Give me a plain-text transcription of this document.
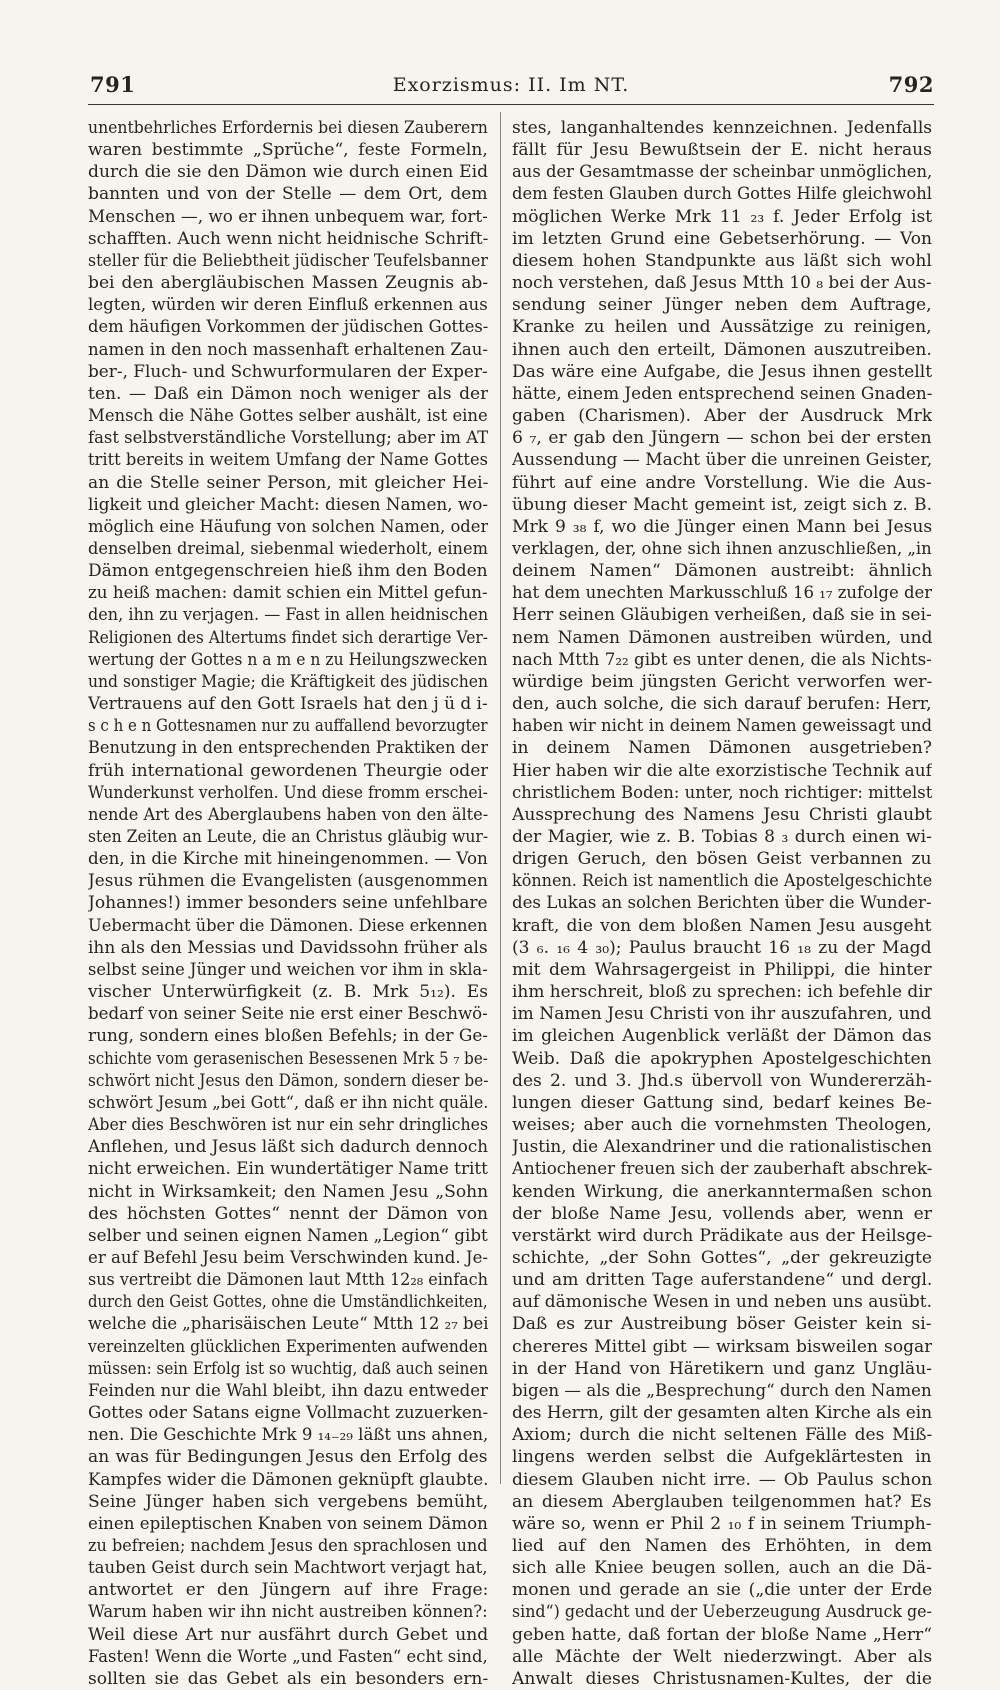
791	Exorzismus: II. Im NT.	792
unentbehrliches Erfordernis bei diesen Zauberern
waren bestimmte „Sprüche“, feste Formeln,
durch die sie den Dämon wie durch einen Eid
bannten und von der Stelle — dem Ort, dem
Menschen —, wo er ihnen unbequem war, fort-
schafften. Auch wenn nicht heidnische Schrift-
steller für die Beliebtheit jüdischer Teufelsbanner
bei den abergläubischen Massen Zeugnis ab-
legten, würden wir deren Einfluß erkennen aus
dem häufigen Vorkommen der jüdischen Gottes-
namen in den noch massenhaft erhaltenen Zau-
ber-, Fluch- und Schwurformularen der Exper-
ten. — Daß ein Dämon noch weniger als der
Mensch die Nähe Gottes selber aushält, ist eine
fast selbstverständliche Vorstellung; aber im AT
tritt bereits in weitem Umfang der Name Gottes
an die Stelle seiner Person, mit gleicher Hei-
ligkeit und gleicher Macht: diesen Namen, wo-
möglich eine Häufung von solchen Namen, oder
denselben dreimal, siebenmal wiederholt, einem
Dämon entgegenschreien hieß ihm den Boden
zu heiß machen: damit schien ein Mittel gefun-
den, ihn zu verjagen. — Fast in allen heidnischen
Religionen des Altertums findet sich derartige Ver-
wertung der Gottes n a m e n zu Heilungszwecken
und sonstiger Magie; die Kräftigkeit des jüdischen
Vertrauens auf den Gott Israels hat den j ü d i-
s c h e n Gottesnamen nur zu auffallend bevorzugter
Benutzung in den entsprechenden Praktiken der
früh international gewordenen Theurgie oder
Wunderkunst verholfen. Und diese fromm erschei-
nende Art des Aberglaubens haben von den älte-
sten Zeiten an Leute, die an Christus gläubig wur-
den, in die Kirche mit hineingenommen. — Von
Jesus rühmen die Evangelisten (ausgenommen
Johannes!) immer besonders seine unfehlbare
Uebermacht über die Dämonen. Diese erkennen
ihn als den Messias und Davidssohn früher als
selbst seine Jünger und weichen vor ihm in skla-
vischer Unterwürfigkeit (z. B. Mrk 5₁₂). Es
bedarf von seiner Seite nie erst einer Beschwö-
rung, sondern eines bloßen Befehls; in der Ge-
schichte vom gerasenischen Besessenen Mrk 5 ₇ be-
schwört nicht Jesus den Dämon, sondern dieser be-
schwört Jesum „bei Gott“, daß er ihn nicht quäle.
Aber dies Beschwören ist nur ein sehr dringliches
Anflehen, und Jesus läßt sich dadurch dennoch
nicht erweichen. Ein wundertätiger Name tritt
nicht in Wirksamkeit; den Namen Jesu „Sohn
des höchsten Gottes“ nennt der Dämon von
selber und seinen eignen Namen „Legion“ gibt
er auf Befehl Jesu beim Verschwinden kund. Je-
sus vertreibt die Dämonen laut Mtth 12₂₈ einfach
durch den Geist Gottes, ohne die Umständlichkeiten,
welche die „pharisäischen Leute“ Mtth 12 ₂₇ bei
vereinzelten glücklichen Experimenten aufwenden
müssen: sein Erfolg ist so wuchtig, daß auch seinen
Feinden nur die Wahl bleibt, ihn dazu entweder
Gottes oder Satans eigne Vollmacht zuzuerken-
nen. Die Geschichte Mrk 9 ₁₄₋₂₉ läßt uns ahnen,
an was für Bedingungen Jesus den Erfolg des
Kampfes wider die Dämonen geknüpft glaubte.
Seine Jünger haben sich vergebens bemüht,
einen epileptischen Knaben von seinem Dämon
zu befreien; nachdem Jesus den sprachlosen und
tauben Geist durch sein Machtwort verjagt hat,
antwortet er den Jüngern auf ihre Frage:
Warum haben wir ihn nicht austreiben können?:
Weil diese Art nur ausfährt durch Gebet und
Fasten! Wenn die Worte „und Fasten“ echt sind,
sollten sie das Gebet als ein besonders ern-
stes, langanhaltendes kennzeichnen. Jedenfalls
fällt für Jesu Bewußtsein der E. nicht heraus
aus der Gesamtmasse der scheinbar unmöglichen,
dem festen Glauben durch Gottes Hilfe gleichwohl
möglichen Werke Mrk 11 ₂₃ f. Jeder Erfolg ist
im letzten Grund eine Gebetserhörung. — Von
diesem hohen Standpunkte aus läßt sich wohl
noch verstehen, daß Jesus Mtth 10 ₈ bei der Aus-
sendung seiner Jünger neben dem Auftrage,
Kranke zu heilen und Aussätzige zu reinigen,
ihnen auch den erteilt, Dämonen auszutreiben.
Das wäre eine Aufgabe, die Jesus ihnen gestellt
hätte, einem Jeden entsprechend seinen Gnaden-
gaben (Charismen). Aber der Ausdruck Mrk
6 ₇, er gab den Jüngern — schon bei der ersten
Aussendung — Macht über die unreinen Geister,
führt auf eine andre Vorstellung. Wie die Aus-
übung dieser Macht gemeint ist, zeigt sich z. B.
Mrk 9 ₃₈ f, wo die Jünger einen Mann bei Jesus
verklagen, der, ohne sich ihnen anzuschließen, „in
deinem Namen“ Dämonen austreibt: ähnlich
hat dem unechten Markusschluß 16 ₁₇ zufolge der
Herr seinen Gläubigen verheißen, daß sie in sei-
nem Namen Dämonen austreiben würden, und
nach Mtth 7₂₂ gibt es unter denen, die als Nichts-
würdige beim jüngsten Gericht verworfen wer-
den, auch solche, die sich darauf berufen: Herr,
haben wir nicht in deinem Namen geweissagt und
in deinem Namen Dämonen ausgetrieben?
Hier haben wir die alte exorzistische Technik auf
christlichem Boden: unter, noch richtiger: mittelst
Aussprechung des Namens Jesu Christi glaubt
der Magier, wie z. B. Tobias 8 ₃ durch einen wi-
drigen Geruch, den bösen Geist verbannen zu
können. Reich ist namentlich die Apostelgeschichte
des Lukas an solchen Berichten über die Wunder-
kraft, die von dem bloßen Namen Jesu ausgeht
(3 ₆. ₁₆ 4 ₃₀); Paulus braucht 16 ₁₈ zu der Magd
mit dem Wahrsagergeist in Philippi, die hinter
ihm herschreit, bloß zu sprechen: ich befehle dir
im Namen Jesu Christi von ihr auszufahren, und
im gleichen Augenblick verläßt der Dämon das
Weib. Daß die apokryphen Apostelgeschichten
des 2. und 3. Jhd.s übervoll von Wundererzäh-
lungen dieser Gattung sind, bedarf keines Be-
weises; aber auch die vornehmsten Theologen,
Justin, die Alexandriner und die rationalistischen
Antiochener freuen sich der zauberhaft abschrek-
kenden Wirkung, die anerkanntermaßen schon
der bloße Name Jesu, vollends aber, wenn er
verstärkt wird durch Prädikate aus der Heilsge-
schichte, „der Sohn Gottes“, „der gekreuzigte
und am dritten Tage auferstandene“ und dergl.
auf dämonische Wesen in und neben uns ausübt.
Daß es zur Austreibung böser Geister kein si-
chereres Mittel gibt — wirksam bisweilen sogar
in der Hand von Häretikern und ganz Ungläu-
bigen — als die „Besprechung“ durch den Namen
des Herrn, gilt der gesamten alten Kirche als ein
Axiom; durch die nicht seltenen Fälle des Miß-
lingens werden selbst die Aufgeklärtesten in
diesem Glauben nicht irre. — Ob Paulus schon
an diesem Aberglauben teilgenommen hat? Es
wäre so, wenn er Phil 2 ₁₀ f in seinem Triumph-
lied auf den Namen des Erhöhten, in dem
sich alle Kniee beugen sollen, auch an die Dä-
monen und gerade an sie („die unter der Erde
sind“) gedacht und der Ueberzeugung Ausdruck ge-
geben hatte, daß fortan der bloße Name „Herr“
alle Mächte der Welt niederzwingt. Aber als
Anwalt dieses Christusnamen-Kultes, der die
